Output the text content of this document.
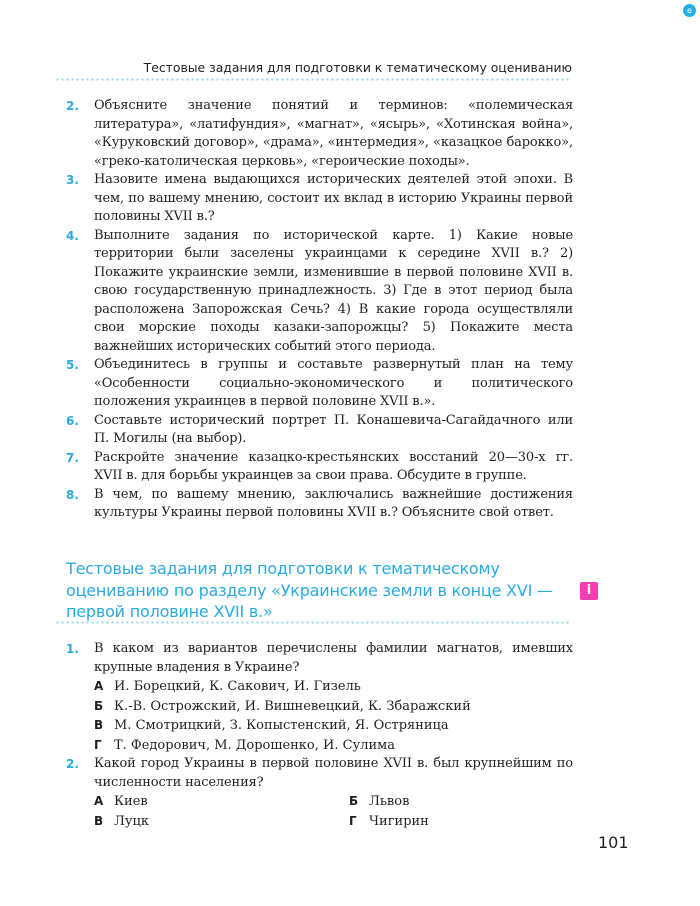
e
Тестовые задания для подготовки к тематическому оцениванию
2.	Объясните значение понятий и терминов: «полемическая литература», «латифундия», «магнат», «ясырь», «Хотинская война», «Куруковский договор», «драма», «интермедия», «казацкое барокко», «греко-католическая церковь», «героические походы».
3.	Назовите имена выдающихся исторических деятелей этой эпохи. В чем, по вашему мнению, состоит их вклад в историю Украины первой половины XVII в.?
4.	Выполните задания по исторической карте. 1) Какие новые территории были заселены украинцами к середине XVII в.? 2) Покажите украинские земли, изменившие в первой половине XVII в. свою государственную принадлежность. 3) Где в этот период была расположена Запорожская Сечь? 4) В какие города осуществляли свои морские походы казаки-запорожцы? 5) Покажите места важнейших исторических событий этого периода.
5.	Объединитесь в группы и составьте развернутый план на тему «Особенности социально-экономического и политического положения украинцев в первой половине XVII в.».
6.	Составьте исторический портрет П. Конашевича-Сагайдачного или П. Могилы (на выбор).
7.	Раскройте значение казацко-крестьянских восстаний 20—30-х гг. XVII в. для борьбы украинцев за свои права. Обсудите в группе.
8.	В чем, по вашему мнению, заключались важнейшие достижения культуры Украины первой половины XVII в.? Объясните свой ответ.
Тестовые задания для подготовки к тематическому оцениванию по разделу «Украинские земли в конце XVI — первой половине XVII в.»
i
1.	В каком из вариантов перечислены фамилии магнатов, имевших крупные владения в Украине?
А И. Борецкий, К. Сакович, И. Гизель
Б К.-В. Острожский, И. Вишневецкий, К. Збаражский
В М. Смотрицкий, З. Копыстенский, Я. Остряница
Г Т. Федорович, М. Дорошенко, И. Сулима
2.	Какой город Украины в первой половине XVII в. был крупнейшим по численности населения?
А Киев	Б Львов
В Луцк	Г Чигирин
101
